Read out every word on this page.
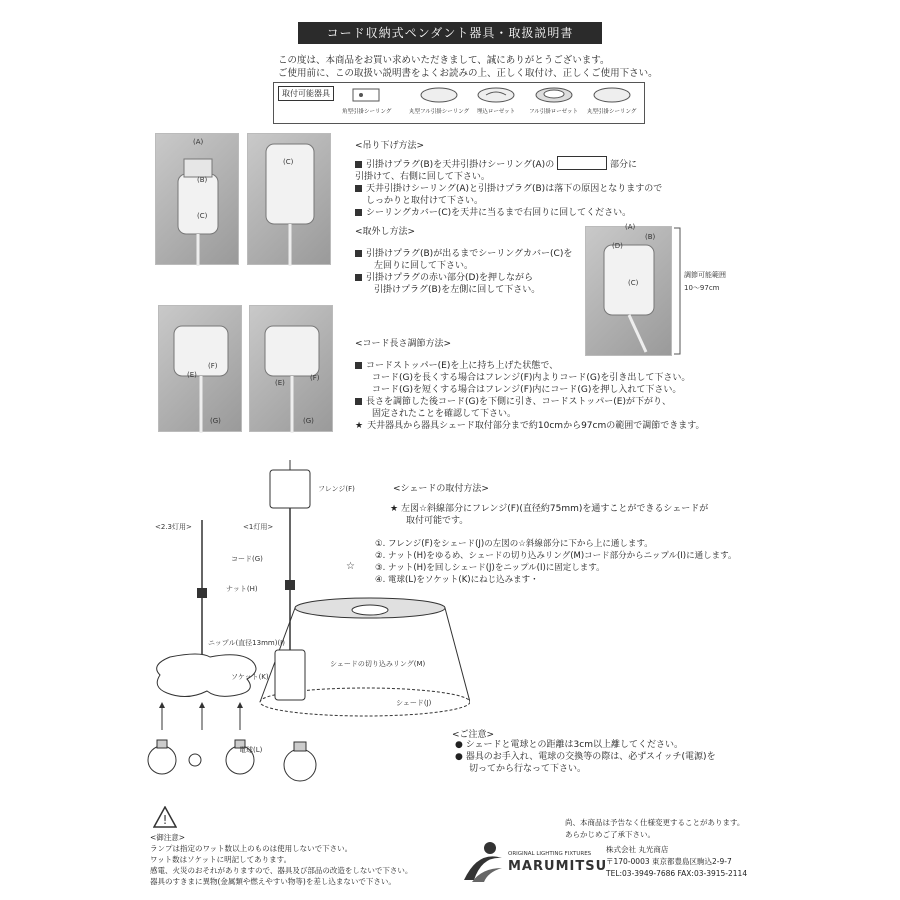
コード収納式ペンダント器具・取扱説明書
この度は、本商品をお買い求めいただきまして、誠にありがとうございます。
ご使用前に、この取扱い説明書をよくお読みの上、正しく取付け、正しくご使用下さい。
取付可能器具
角型引掛シーリング	丸型フル引掛シーリング	埋込ローゼット	フル引掛ローゼット 丸型引掛シーリング
(A)
(B)
(C)
(C)
<吊り下げ方法>
引掛けプラグ(B)を天井引掛けシーリング(A)の	部分に
引掛けて、右側に回して下さい。
天井引掛けシーリング(A)と引掛けプラグ(B)は落下の原因となりますので
しっかりと取付けて下さい。
シーリングカバー(C)を天井に当るまで右回りに回してください。
<取外し方法>
引掛けプラグ(B)が出るまでシーリングカバー(C)を
左回りに回して下さい。
引掛けプラグの赤い部分(D)を押しながら
引掛けプラグ(B)を左側に回して下さい。
(A)
(D)
(B)
(C)
調節可能範囲
10～97cm
(E)
(F)
(G)
(E)
(F)
(G)
<コード長さ調節方法>
コードストッパー(E)を上に持ち上げた状態で、
コード(G)を長くする場合はフレンジ(F)内よりコード(G)を引き出して下さい。
コード(G)を短くする場合はフレンジ(F)内にコード(G)を押し入れて下さい。
長さを調節した後コード(G)を下側に引き、コードストッパー(E)が下がり、
固定されたことを確認して下さい。
★ 天井器具から器具シェード取付部分まで約10cmから97cmの範囲で調節できます。
フレンジ(F)
<2.3灯用>	<1灯用>
コード(G)
ナット(H)
ニップル(直径13mm)(I)
ソケット(K)
シェードの切り込みリング(M)
シェード(J)
電球(L)
☆
<シェードの取付方法>
★ 左図☆斜線部分にフレンジ(F)(直径約75mm)を通すことができるシェードが
取付可能です。
①. フレンジ(F)をシェード(J)の左図の☆斜線部分に下から上に通します。
②. ナット(H)をゆるめ、シェードの切り込みリング(M)コード部分からニップル(I)に通します。
③. ナット(H)を回しシェード(J)をニップル(I)に固定します。
④. 電球(L)をソケット(K)にねじ込みます・
<ご注意>
● シェードと電球との距離は3cm以上離してください。
● 器具のお手入れ、電球の交換等の際は、必ずスイッチ(電源)を
切ってから行なって下さい。
!
<御注意>
ランプは指定のワット数以上のものは使用しないで下さい。
ワット数はソケットに明記してあります。
感電、火災のおそれがありますので、器具及び部品の改造をしないで下さい。
器具のすきまに異物(金属類や燃えやすい物等)を差し込まないで下さい。
尚、本商品は予告なく仕様変更することがあります。
あらかじめご了承下さい。
ORIGINAL LIGHTING FIXTURES
MARUMITSU
株式会社 丸光商店
〒170-0003 東京都豊島区駒込2-9-7
TEL:03-3949-7686 FAX:03-3915-2114
